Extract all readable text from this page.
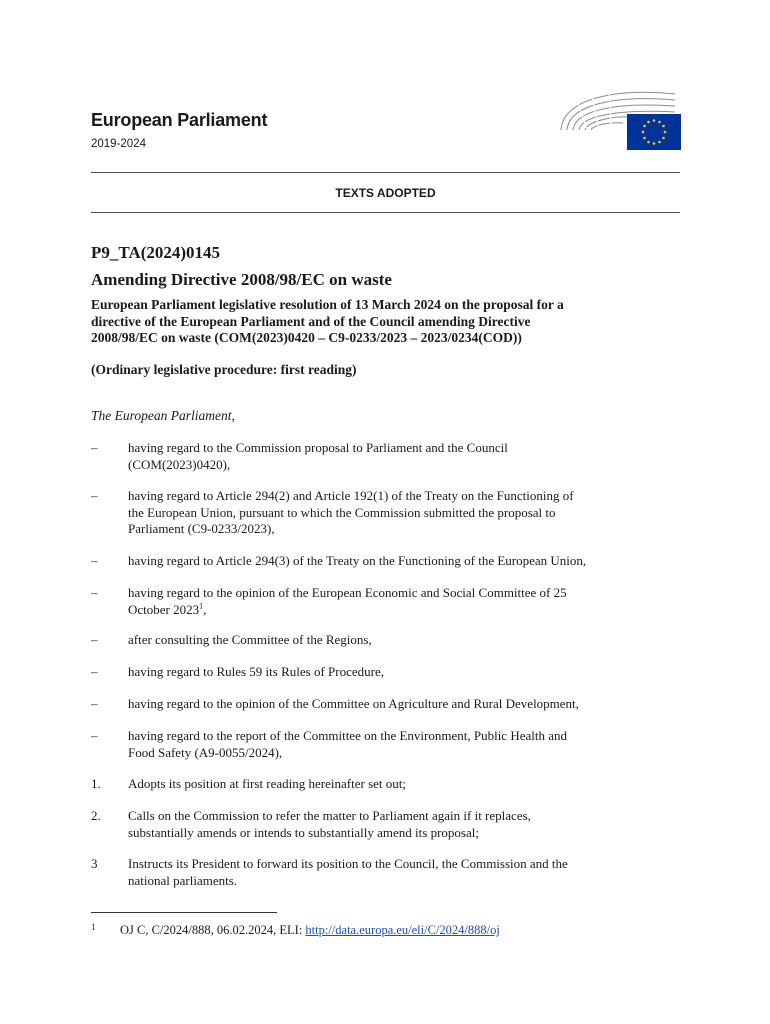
European Parliament
2019-2024
TEXTS ADOPTED
P9_TA(2024)0145
Amending Directive 2008/98/EC on waste
European Parliament legislative resolution of 13 March 2024 on the proposal for a
directive of the European Parliament and of the Council amending Directive
2008/98/EC on waste (COM(2023)0420 – C9-0233/2023 – 2023/0234(COD))
(Ordinary legislative procedure: first reading)
The European Parliament,
–	having regard to the Commission proposal to Parliament and the Council
(COM(2023)0420),
–	having regard to Article 294(2) and Article 192(1) of the Treaty on the Functioning of
the European Union, pursuant to which the Commission submitted the proposal to
Parliament (C9-0233/2023),
–	having regard to Article 294(3) of the Treaty on the Functioning of the European Union,
–	having regard to the opinion of the European Economic and Social Committee of 25
October 2023$^1$,
–	after consulting the Committee of the Regions,
–	having regard to Rules 59 its Rules of Procedure,
–	having regard to the opinion of the Committee on Agriculture and Rural Development,
–	having regard to the report of the Committee on the Environment, Public Health and
Food Safety (A9-0055/2024),
1.	Adopts its position at first reading hereinafter set out;
2.	Calls on the Commission to refer the matter to Parliament again if it replaces,
substantially amends or intends to substantially amend its proposal;
3	Instructs its President to forward its position to the Council, the Commission and the
national parliaments.
1 OJ C, C/2024/888, 06.02.2024, ELI: http://data.europa.eu/eli/C/2024/888/oj
